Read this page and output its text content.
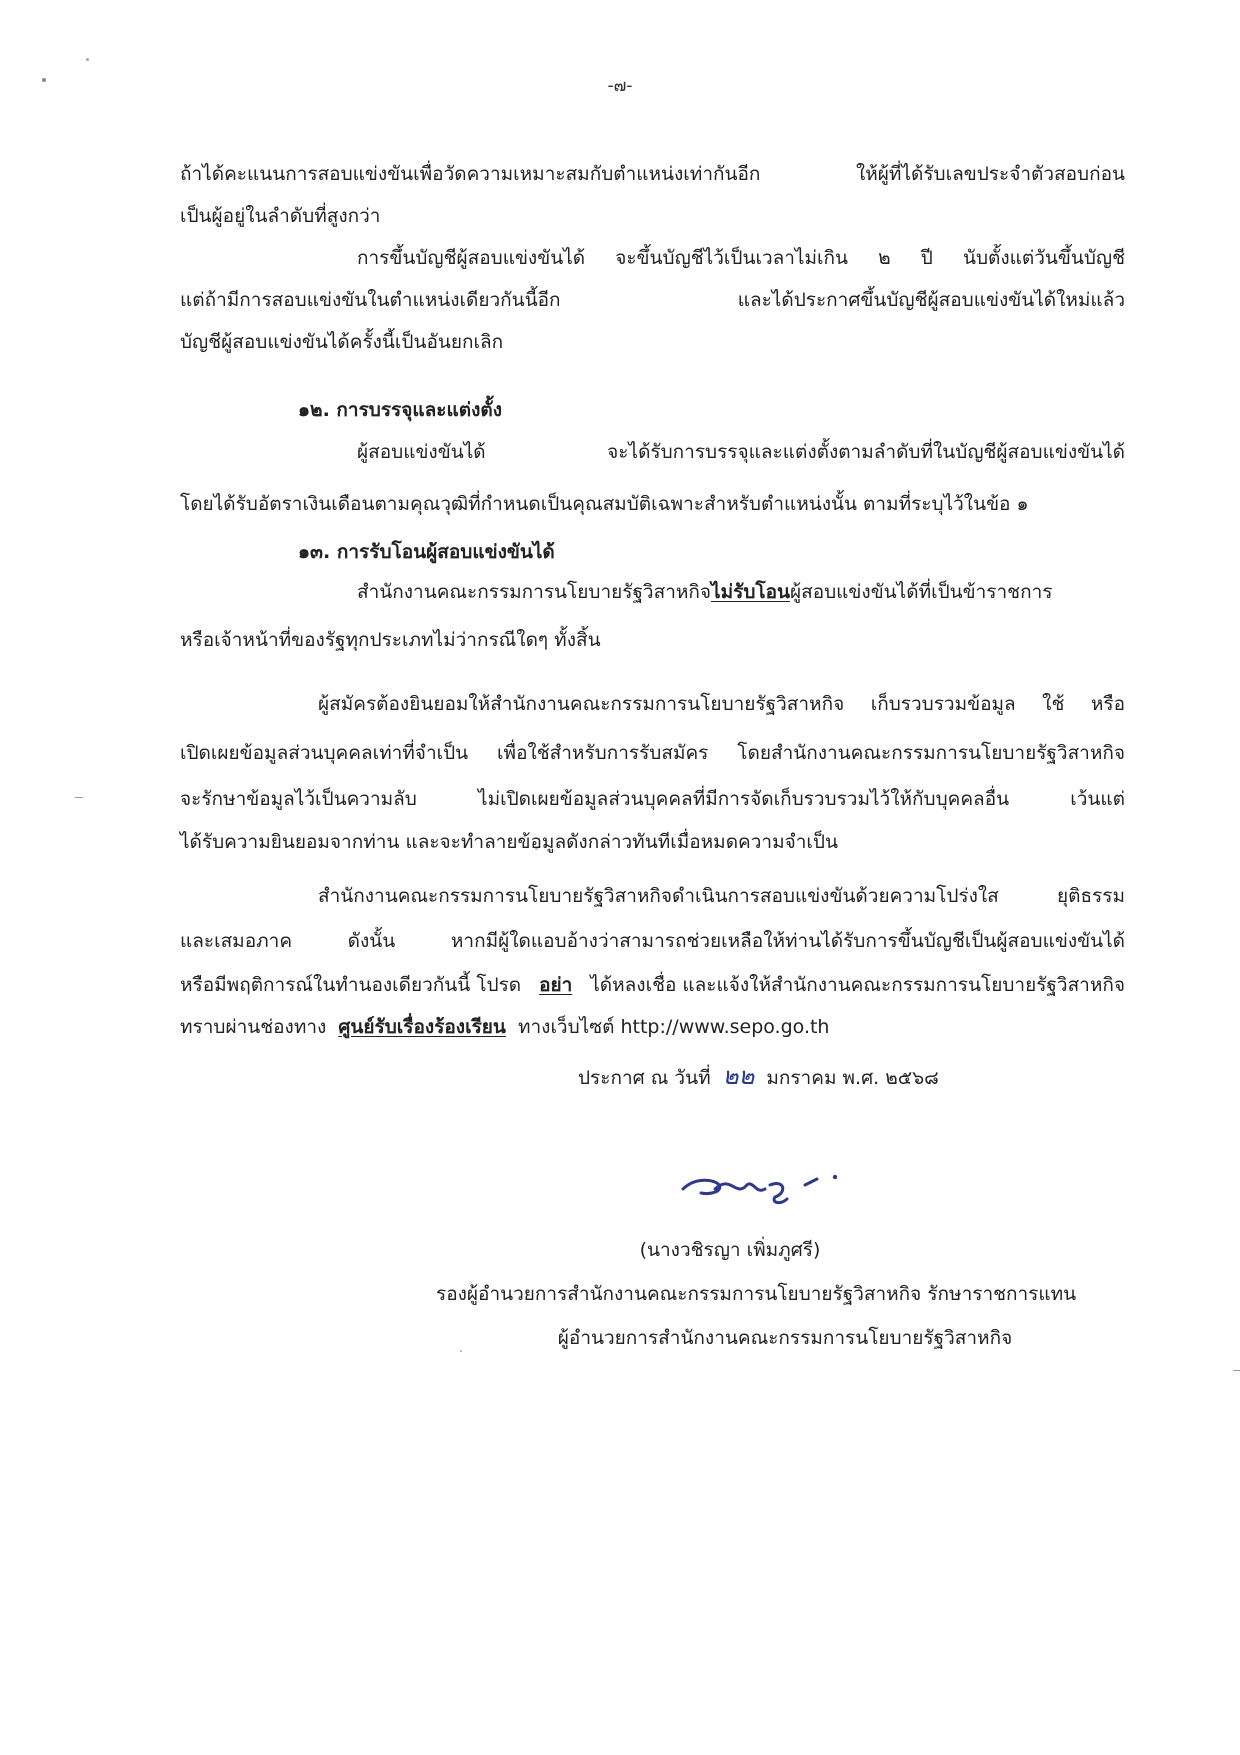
-๗-
ถ้าได้คะแนนการสอบแข่งขันเพื่อวัดความเหมาะสมกับตำแหน่งเท่ากันอีก ให้ผู้ที่ได้รับเลขประจำตัวสอบก่อน
เป็นผู้อยู่ในลำดับที่สูงกว่า
การขึ้นบัญชีผู้สอบแข่งขันได้ จะขึ้นบัญชีไว้เป็นเวลาไม่เกิน ๒ ปี นับตั้งแต่วันขึ้นบัญชี
แต่ถ้ามีการสอบแข่งขันในตำแหน่งเดียวกันนี้อีก และได้ประกาศขึ้นบัญชีผู้สอบแข่งขันได้ใหม่แล้ว
บัญชีผู้สอบแข่งขันได้ครั้งนี้เป็นอันยกเลิก
๑๒. การบรรจุและแต่งตั้ง
ผู้สอบแข่งขันได้ จะได้รับการบรรจุและแต่งตั้งตามลำดับที่ในบัญชีผู้สอบแข่งขันได้
โดยได้รับอัตราเงินเดือนตามคุณวุฒิที่กำหนดเป็นคุณสมบัติเฉพาะสำหรับตำแหน่งนั้น ตามที่ระบุไว้ในข้อ ๑
๑๓. การรับโอนผู้สอบแข่งขันได้
สำนักงานคณะกรรมการนโยบายรัฐวิสาหกิจไม่รับโอนผู้สอบแข่งขันได้ที่เป็นข้าราชการ
หรือเจ้าหน้าที่ของรัฐทุกประเภทไม่ว่ากรณีใดๆ ทั้งสิ้น
ผู้สมัครต้องยินยอมให้สำนักงานคณะกรรมการนโยบายรัฐวิสาหกิจ เก็บรวบรวมข้อมูล ใช้ หรือ
เปิดเผยข้อมูลส่วนบุคคลเท่าที่จำเป็น เพื่อใช้สำหรับการรับสมัคร โดยสำนักงานคณะกรรมการนโยบายรัฐวิสาหกิจ
จะรักษาข้อมูลไว้เป็นความลับ ไม่เปิดเผยข้อมูลส่วนบุคคลที่มีการจัดเก็บรวบรวมไว้ให้กับบุคคลอื่น เว้นแต่
ได้รับความยินยอมจากท่าน และจะทำลายข้อมูลดังกล่าวทันทีเมื่อหมดความจำเป็น
สำนักงานคณะกรรมการนโยบายรัฐวิสาหกิจดำเนินการสอบแข่งขันด้วยความโปร่งใส ยุติธรรม
และเสมอภาค ดังนั้น หากมีผู้ใดแอบอ้างว่าสามารถช่วยเหลือให้ท่านได้รับการขึ้นบัญชีเป็นผู้สอบแข่งขันได้
หรือมีพฤติการณ์ในทำนองเดียวกันนี้ โปรด อย่า ได้หลงเชื่อ และแจ้งให้สำนักงานคณะกรรมการนโยบายรัฐวิสาหกิจ
ทราบผ่านช่องทาง ศูนย์รับเรื่องร้องเรียน ทางเว็บไซต์ http://www.sepo.go.th
ประกาศ ณ วันที่ ๒๒ มกราคม พ.ศ. ๒๕๖๘
(นางวชิรญา เพิ่มภูศรี)
รองผู้อำนวยการสำนักงานคณะกรรมการนโยบายรัฐวิสาหกิจ รักษาราชการแทน
ผู้อำนวยการสำนักงานคณะกรรมการนโยบายรัฐวิสาหกิจ
